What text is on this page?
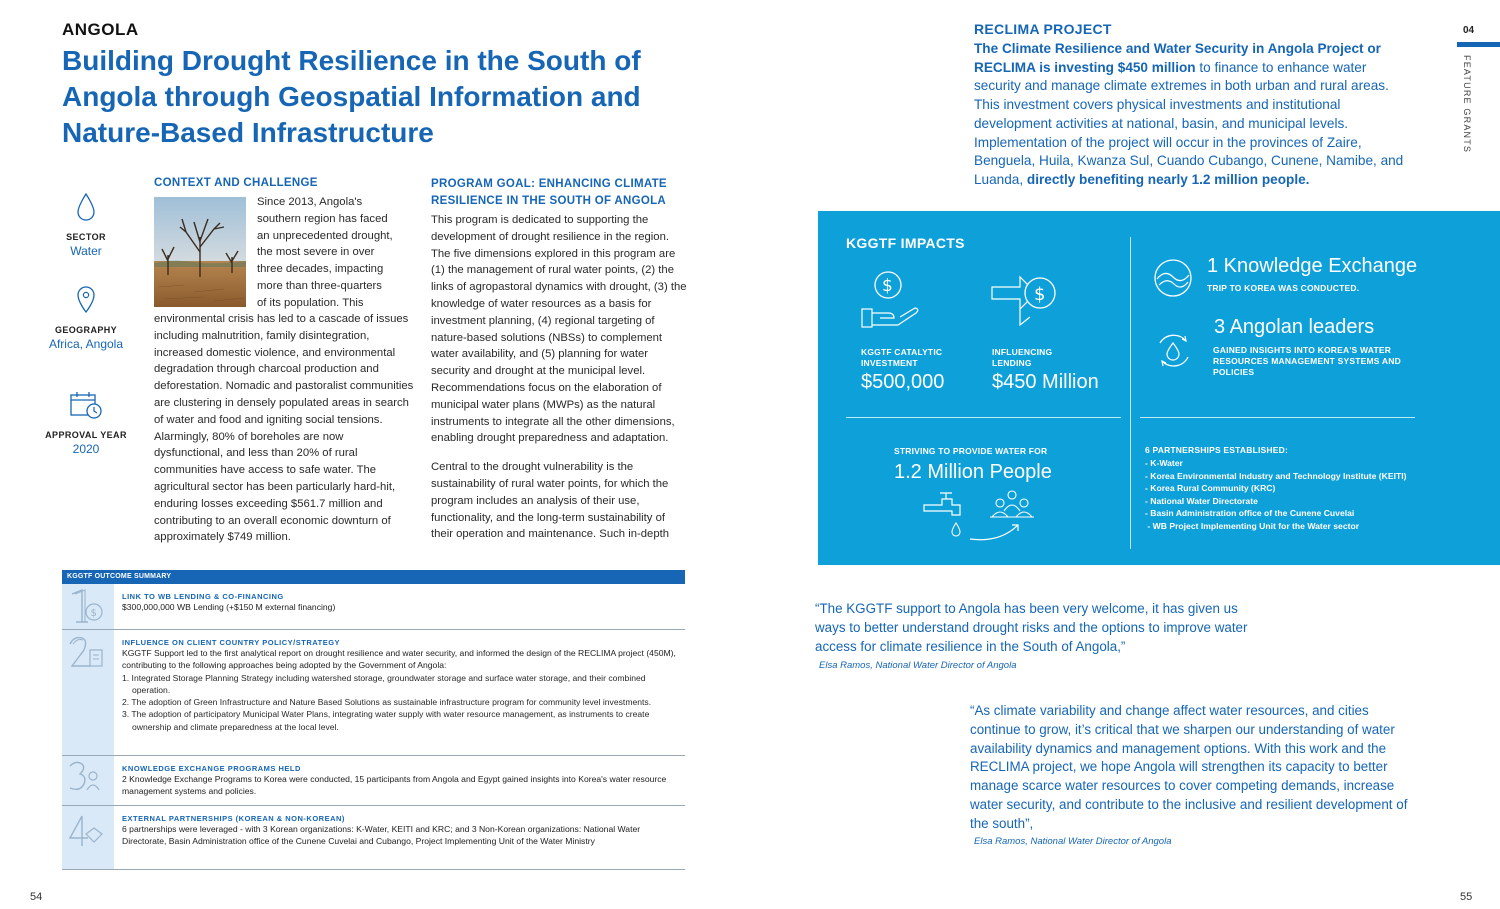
ANGOLA
Building Drought Resilience in the South of Angola through Geospatial Information and Nature-Based Infrastructure
SECTOR
Water
GEOGRAPHY
Africa, Angola
APPROVAL YEAR
2020
CONTEXT AND CHALLENGE
Since 2013, Angola's
southern region has faced
an unprecedented drought,
the most severe in over
three decades, impacting
more than three-quarters
of its population. This
environmental crisis has led to a cascade of issues including malnutrition, family disintegration, increased domestic violence, and environmental degradation through charcoal production and deforestation. Nomadic and pastoralist communities are clustering in densely populated areas in search of water and food and igniting social tensions. Alarmingly, 80% of boreholes are now dysfunctional, and less than 20% of rural communities have access to safe water. The agricultural sector has been particularly hard-hit, enduring losses exceeding $561.7 million and contributing to an overall economic downturn of approximately $749 million.
PROGRAM GOAL: ENHANCING CLIMATE RESILIENCE IN THE SOUTH OF ANGOLA
This program is dedicated to supporting the development of drought resilience in the region. The five dimensions explored in this program are (1) the management of rural water points, (2) the links of agropastoral dynamics with drought, (3) the knowledge of water resources as a basis for investment planning, (4) regional targeting of nature-based solutions (NBSs) to complement water availability, and (5) planning for water security and drought at the municipal level. Recommendations focus on the elaboration of municipal water plans (MWPs) as the natural instruments to integrate all the other dimensions, enabling drought preparedness and adaptation.
Central to the drought vulnerability is the sustainability of rural water points, for which the program includes an analysis of their use, functionality, and the long-term sustainability of their operation and maintenance. Such in-depth
KGGTF OUTCOME SUMMARY
$
LINK TO WB LENDING & CO-FINANCING
$300,000,000 WB Lending (+$150 M external financing)
INFLUENCE ON CLIENT COUNTRY POLICY/STRATEGY
KGGTF Support led to the first analytical report on drought resilience and water security, and informed the design of the RECLIMA project (450M), contributing to the following approaches being adopted by the Government of Angola:
1. Integrated Storage Planning Strategy including watershed storage, groundwater storage and surface water storage, and their combined operation.
2. The adoption of Green Infrastructure and Nature Based Solutions as sustainable infrastructure program for community level investments.
3. The adoption of participatory Municipal Water Plans, integrating water supply with water resource management, as instruments to create ownership and climate preparedness at the local level.
KNOWLEDGE EXCHANGE PROGRAMS HELD
2 Knowledge Exchange Programs to Korea were conducted, 15 participants from Angola and Egypt gained insights into Korea's water resource management systems and policies.
EXTERNAL PARTNERSHIPS (KOREAN & NON-KOREAN)
6 partnerships were leveraged - with 3 Korean organizations: K-Water, KEITI and KRC; and 3 Non-Korean organizations: National Water Directorate, Basin Administration office of the Cunene Cuvelai and Cubango, Project Implementing Unit of the Water Ministry
54
RECLIMA PROJECT
The Climate Resilience and Water Security in Angola Project or RECLIMA is investing $450 million to finance to enhance water security and manage climate extremes in both urban and rural areas. This investment covers physical investments and institutional development activities at national, basin, and municipal levels. Implementation of the project will occur in the provinces of Zaire, Benguela, Huila, Kwanza Sul, Cuando Cubango, Cunene, Namibe, and Luanda, directly benefiting nearly 1.2 million people.
04
FEATURE GRANTS
KGGTF IMPACTS
$
KGGTF CATALYTIC INVESTMENT
$500,000
$
INFLUENCING LENDING
$450 Million
1 Knowledge Exchange
TRIP TO KOREA WAS CONDUCTED.
3 Angolan leaders
GAINED INSIGHTS INTO KOREA'S WATER RESOURCES MANAGEMENT SYSTEMS AND POLICIES
STRIVING TO PROVIDE WATER FOR
1.2 Million People
6 PARTNERSHIPS ESTABLISHED:
- K-Water
- Korea Environmental Industry and Technology Institute (KEITI)
- Korea Rural Community (KRC)
- National Water Directorate
- Basin Administration office of the Cunene Cuvelai
- WB Project Implementing Unit for the Water sector
“The KGGTF support to Angola has been very welcome, it has given us ways to better understand drought risks and the options to improve water access for climate resilience in the South of Angola,”
Elsa Ramos, National Water Director of Angola
“As climate variability and change affect water resources, and cities continue to grow, it’s critical that we sharpen our understanding of water availability dynamics and management options. With this work and the RECLIMA project, we hope Angola will strengthen its capacity to better manage scarce water resources to cover competing demands, increase water security, and contribute to the inclusive and resilient development of the south”,
Elsa Ramos, National Water Director of Angola
55
